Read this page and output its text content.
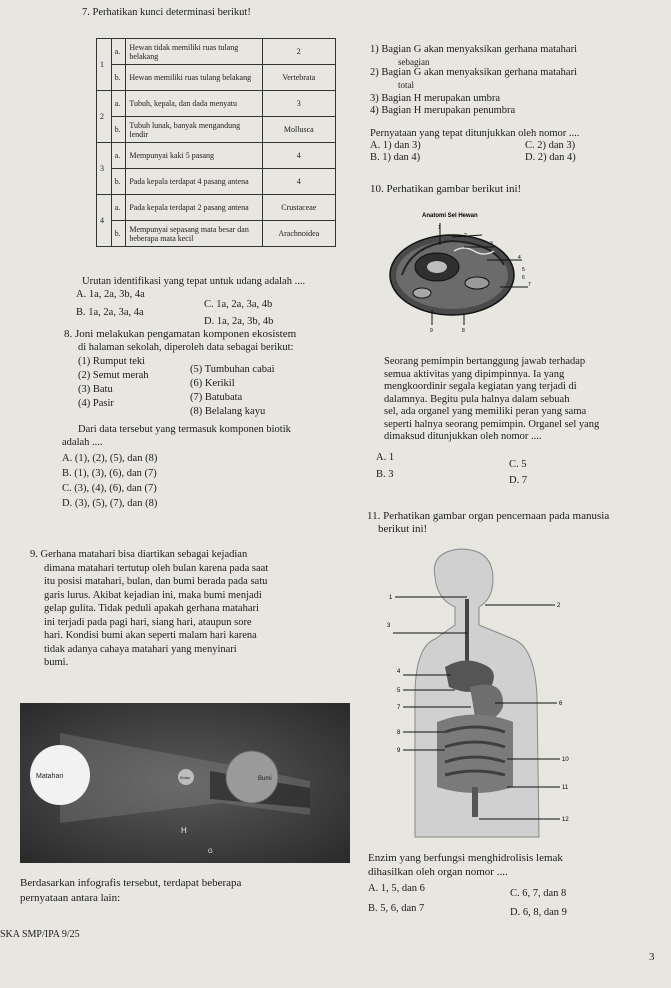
7. Perhatikan kunci determinasi berikut!
1	a.	Hewan tidak memiliki ruas tulang belakang	2
	b.	Hewan memiliki ruas tulang belakang	Vertebrata
2	a.	Tubuh, kepala, dan dada menyatu	3
	b.	Tubuh lunak, banyak mengandung lendir	Mollusca
3	a.	Mempunyai kaki 5 pasang	4
	b.	Pada kepala terdapat 4 pasang antena	4
4	a.	Pada kepala terdapat 2 pasang antena	Crustaceae
	b.	Mempunyai sepasang mata besar dan beberapa mata kecil	Arachnoidea
Urutan identifikasi yang tepat untuk udang adalah ....
A. 1a, 2a, 3b, 4a
C. 1a, 2a, 3a, 4b
B. 1a, 2a, 3a, 4a
D. 1a, 2a, 3b, 4b
1) Bagian G akan menyaksikan gerhana matahari
sebagian
2) Bagian G akan menyaksikan gerhana matahari
total
3) Bagian H merupakan umbra
4) Bagian H merupakan penumbra
Pernyataan yang tepat ditunjukkan oleh nomor ....
A. 1) dan 3)	C. 2) dan 3)
B. 1) dan 4)	D. 2) dan 4)
10. Perhatikan gambar berikut ini!
Anatomi Sel Hewan
1
2
3
4
5
6
7
9	8
Seorang pemimpin bertanggung jawab terhadap
semua aktivitas yang dipimpinnya. Ia yang
mengkoordinir segala kegiatan yang terjadi di
dalamnya. Begitu pula halnya dalam sebuah
sel, ada organel yang memiliki peran yang sama
seperti halnya seorang pemimpin. Organel sel yang
dimaksud ditunjukkan oleh nomor ....
A. 1
C. 5
B. 3
D. 7
8. Joni melakukan pengamatan komponen ekosistem
di halaman sekolah, diperoleh data sebagai berikut:
(1) Rumput teki
(5) Tumbuhan cabai
(2) Semut merah
(6) Kerikil
(3) Batu
(7) Batubata
(4) Pasir
(8) Belalang kayu
Dari data tersebut yang termasuk komponen biotik
adalah ....
A. (1), (2), (5), dan (8)
B. (1), (3), (6), dan (7)
C. (3), (4), (6), dan (7)
D. (3), (5), (7), dan (8)
9. Gerhana matahari bisa diartikan sebagai kejadian
dimana matahari tertutup oleh bulan karena pada saat
itu posisi matahari, bulan, dan bumi berada pada satu
garis lurus. Akibat kejadian ini, maka bumi menjadi
gelap gulita. Tidak peduli apakah gerhana matahari
ini terjadi pada pagi hari, siang hari, ataupun sore
hari. Kondisi bumi akan seperti malam hari karena
tidak adanya cahaya matahari yang menyinari
bumi.
Matahari	Bulan	Bumi
H
G
Berdasarkan infografis tersebut, terdapat beberapa
pernyataan antara lain:
11. Perhatikan gambar organ pencernaan pada manusia
berikut ini!
1
2
3
4
5
6
7
8
9
10
11
12
Enzim yang berfungsi menghidrolisis lemak
dihasilkan oleh organ nomor ....
A. 1, 5, dan 6	C. 6, 7, dan 8
B. 5, 6, dan 7	D. 6, 8, dan 9
SKA SMP/IPA 9/25
3
